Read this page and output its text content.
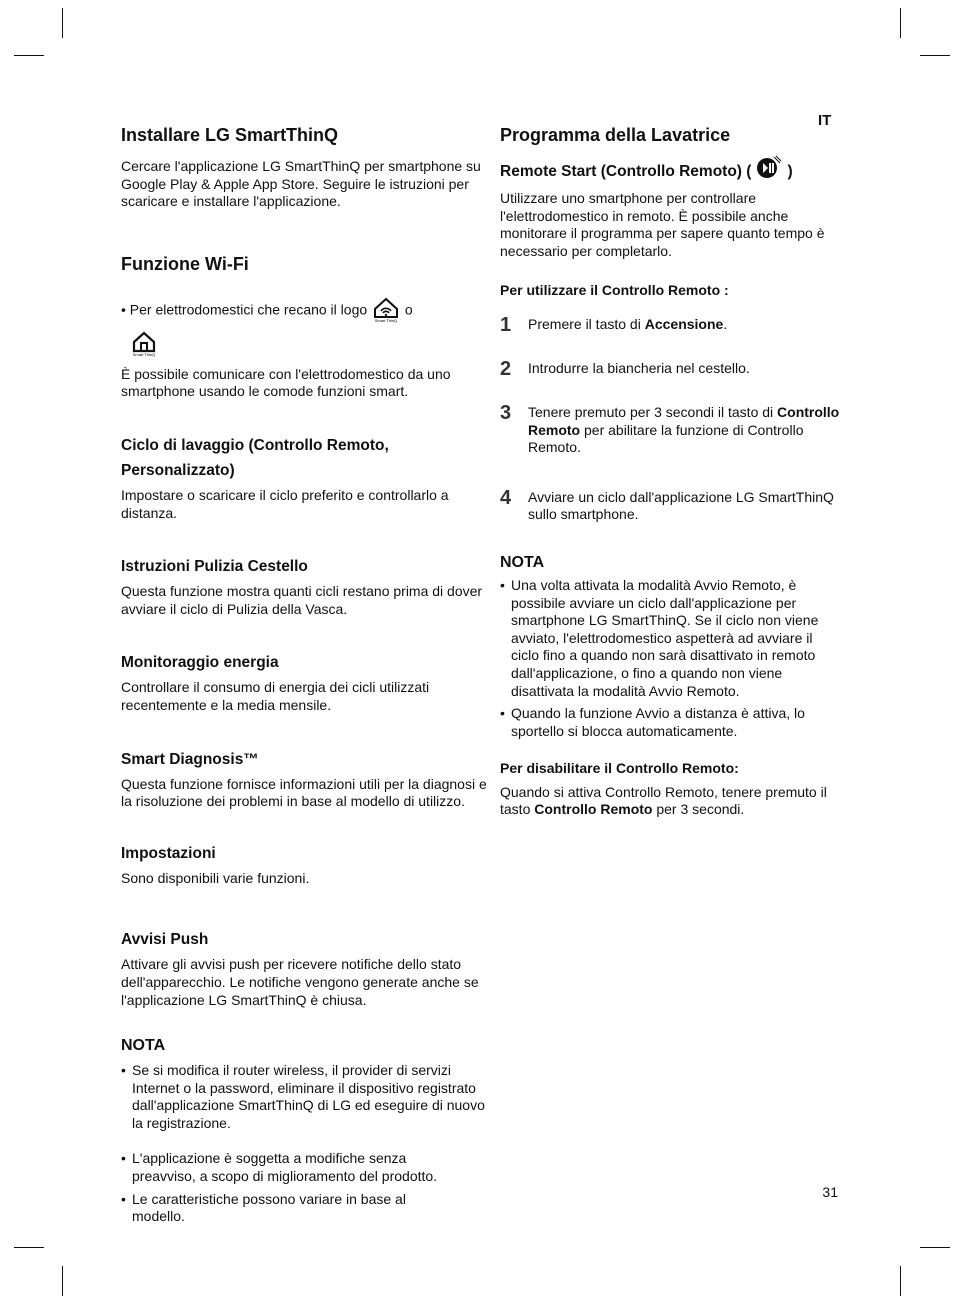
IT
Installare LG SmartThinQ

Cercare l'applicazione LG SmartThinQ per smartphone su Google Play & Apple App Store. Seguire le istruzioni per scaricare e installare l'applicazione.

Funzione Wi-Fi

• Per elettrodomestici che recano il logo
Smart ThinQ
o

Smart ThinQ

È possibile comunicare con l'elettrodomestico da uno smartphone usando le comode funzioni smart.

Ciclo di lavaggio (Controllo Remoto, Personalizzato)

Impostare o scaricare il ciclo preferito e controllarlo a distanza.

Istruzioni Pulizia Cestello

Questa funzione mostra quanti cicli restano prima di dover avviare il ciclo di Pulizia della Vasca.

Monitoraggio energia

Controllare il consumo di energia dei cicli utilizzati recentemente e la media mensile.

Smart Diagnosis™

Questa funzione fornisce informazioni utili per la diagnosi e la risoluzione dei problemi in base al modello di utilizzo.

Impostazioni

Sono disponibili varie funzioni.

Avvisi Push

Attivare gli avvisi push per ricevere notifiche dello stato dell'apparecchio. Le notifiche vengono generate anche se l'applicazione LG SmartThinQ è chiusa.

NOTA
• Se si modifica il router wireless, il provider di servizi Internet o la password, eliminare il dispositivo registrato dall'applicazione SmartThinQ di LG ed eseguire di nuovo la registrazione.
• L'applicazione è soggetta a modifiche senza preavviso, a scopo di miglioramento del prodotto.
• Le caratteristiche possono variare in base al modello.
Programma della Lavatrice
Remote Start (Controllo Remoto) ( )

Utilizzare uno smartphone per controllare l'elettrodomestico in remoto. È possibile anche monitorare il programma per sapere quanto tempo è necessario per completarlo.

Per utilizzare il Controllo Remoto :

1	Premere il tasto di Accensione.
2	Introdurre la biancheria nel cestello.
3	Tenere premuto per 3 secondi il tasto di Controllo Remoto per abilitare la funzione di Controllo Remoto.
4	Avviare un ciclo dall'applicazione LG SmartThinQ sullo smartphone.
NOTA
• Una volta attivata la modalità Avvio Remoto, è possibile avviare un ciclo dall'applicazione per smartphone LG SmartThinQ. Se il ciclo non viene avviato, l'elettrodomestico aspetterà ad avviare il ciclo fino a quando non sarà disattivato in remoto dall'applicazione, o fino a quando non viene disattivata la modalità Avvio Remoto.
• Quando la funzione Avvio a distanza è attiva, lo sportello si blocca automaticamente.

Per disabilitare il Controllo Remoto:

Quando si attiva Controllo Remoto, tenere premuto il tasto Controllo Remoto per 3 secondi.

31
